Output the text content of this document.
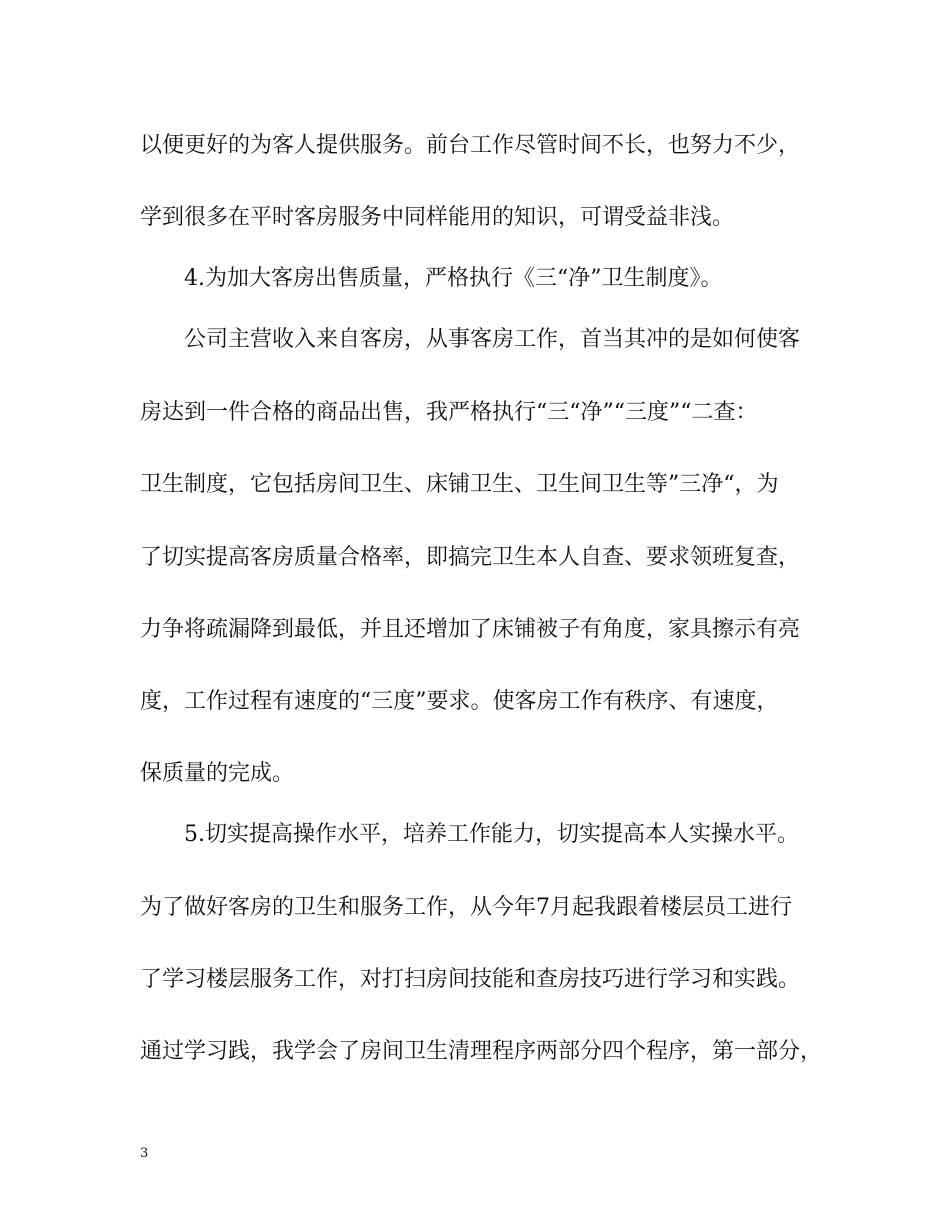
以便更好的为客人提供服务。前台工作尽管时间不长，也努力不少，
学到很多在平时客房服务中同样能用的知识，可谓受益非浅。
4.为加大客房出售质量，严格执行《三“净”卫生制度》。
公司主营收入来自客房，从事客房工作，首当其冲的是如何使客
房达到一件合格的商品出售，我严格执行“三“净”“三度”“二查：
卫生制度，它包括房间卫生、床铺卫生、卫生间卫生等”三净“，为
了切实提高客房质量合格率，即搞完卫生本人自查、要求领班复查，
力争将疏漏降到最低，并且还增加了床铺被子有角度，家具擦示有亮
度，工作过程有速度的“三度”要求。使客房工作有秩序、有速度，
保质量的完成。
5.切实提高操作水平，培养工作能力，切实提高本人实操水平。
为了做好客房的卫生和服务工作，从今年7月起我跟着楼层员工进行
了学习楼层服务工作，对打扫房间技能和查房技巧进行学习和实践。
通过学习践，我学会了房间卫生清理程序两部分四个程序，第一部分，
3
